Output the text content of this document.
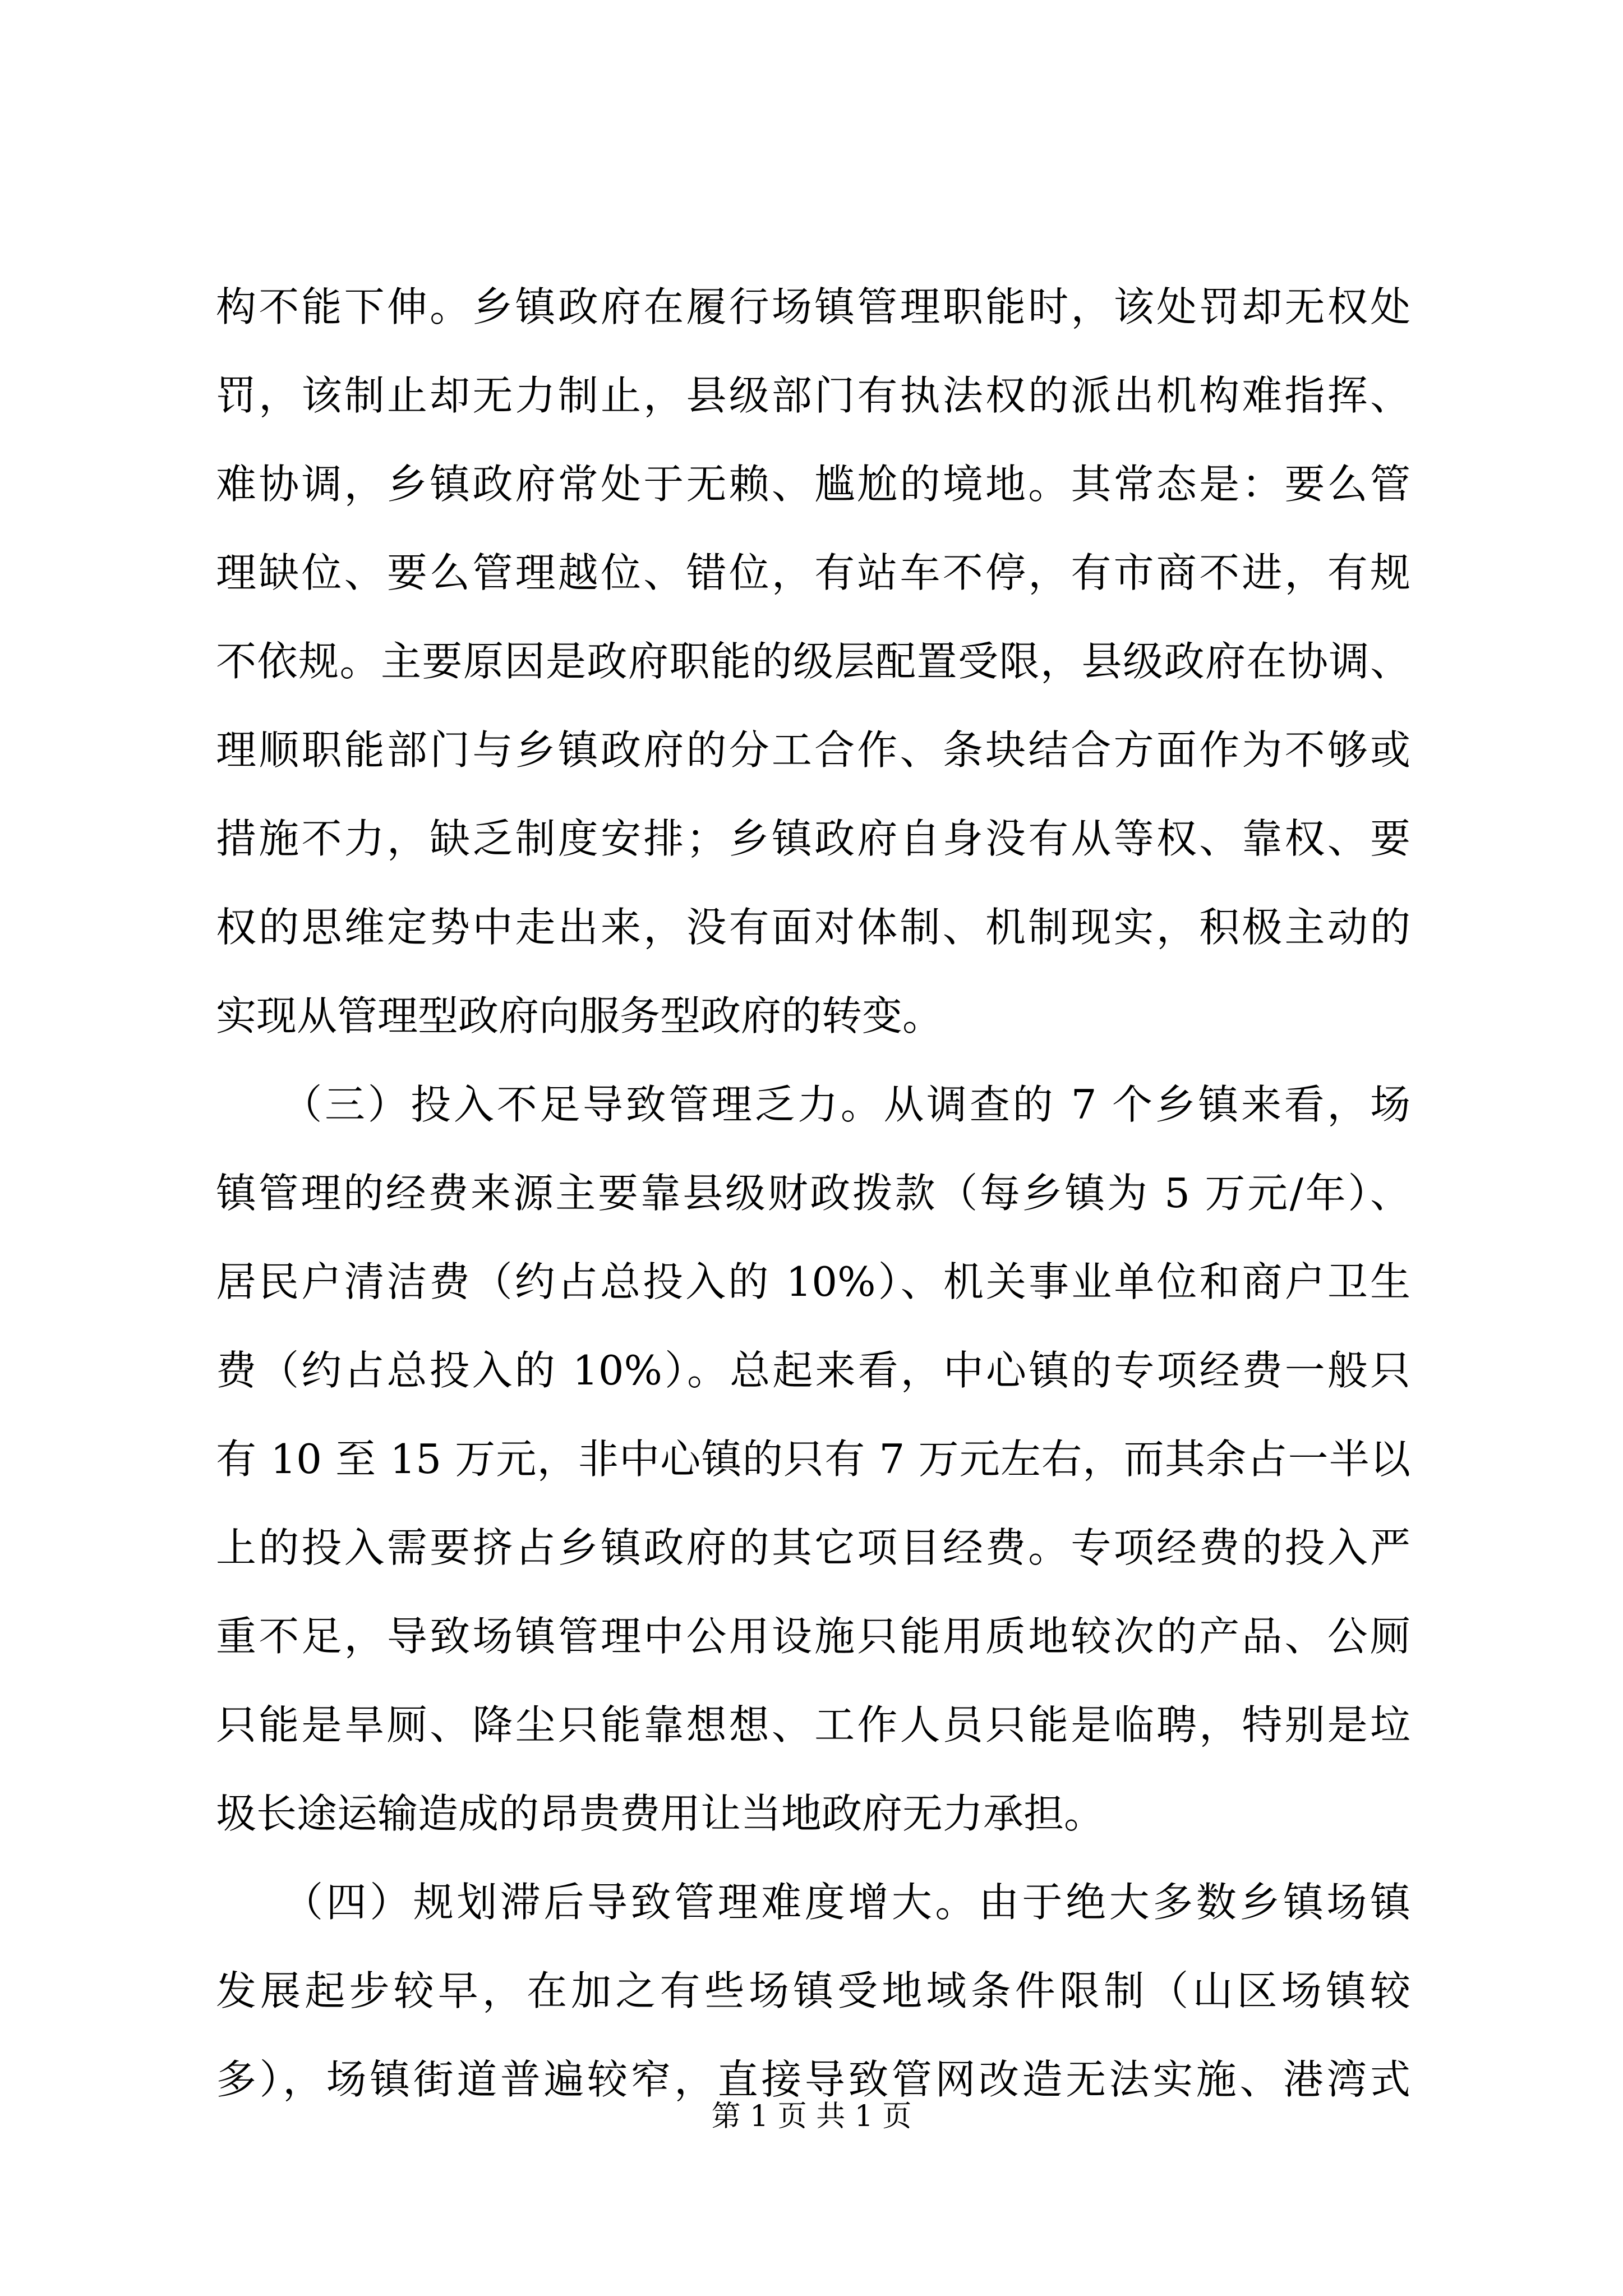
构不能下伸。乡镇政府在履行场镇管理职能时，该处罚却无权处
罚，该制止却无力制止，县级部门有执法权的派出机构难指挥、
难协调，乡镇政府常处于无赖、尴尬的境地。其常态是：要么管
理缺位、要么管理越位、错位，有站车不停，有市商不进，有规
不依规。主要原因是政府职能的级层配置受限，县级政府在协调、
理顺职能部门与乡镇政府的分工合作、条块结合方面作为不够或
措施不力，缺乏制度安排；乡镇政府自身没有从等权、靠权、要
权的思维定势中走出来，没有面对体制、机制现实，积极主动的
实现从管理型政府向服务型政府的转变。
　　（三）投入不足导致管理乏力。从调查的 7 个乡镇来看，场
镇管理的经费来源主要靠县级财政拨款（每乡镇为 5 万元/年）、
居民户清洁费（约占总投入的 10%）、机关事业单位和商户卫生
费（约占总投入的 10%）。总起来看，中心镇的专项经费一般只
有 10 至 15 万元，非中心镇的只有 7 万元左右，而其余占一半以
上的投入需要挤占乡镇政府的其它项目经费。专项经费的投入严
重不足，导致场镇管理中公用设施只能用质地较次的产品、公厕
只能是旱厕、降尘只能靠想想、工作人员只能是临聘，特别是垃
圾长途运输造成的昂贵费用让当地政府无力承担。
　　（四）规划滞后导致管理难度增大。由于绝大多数乡镇场镇
发展起步较早，在加之有些场镇受地域条件限制（山区场镇较
多），场镇街道普遍较窄，直接导致管网改造无法实施、港湾式
第 1 页 共 1 页
